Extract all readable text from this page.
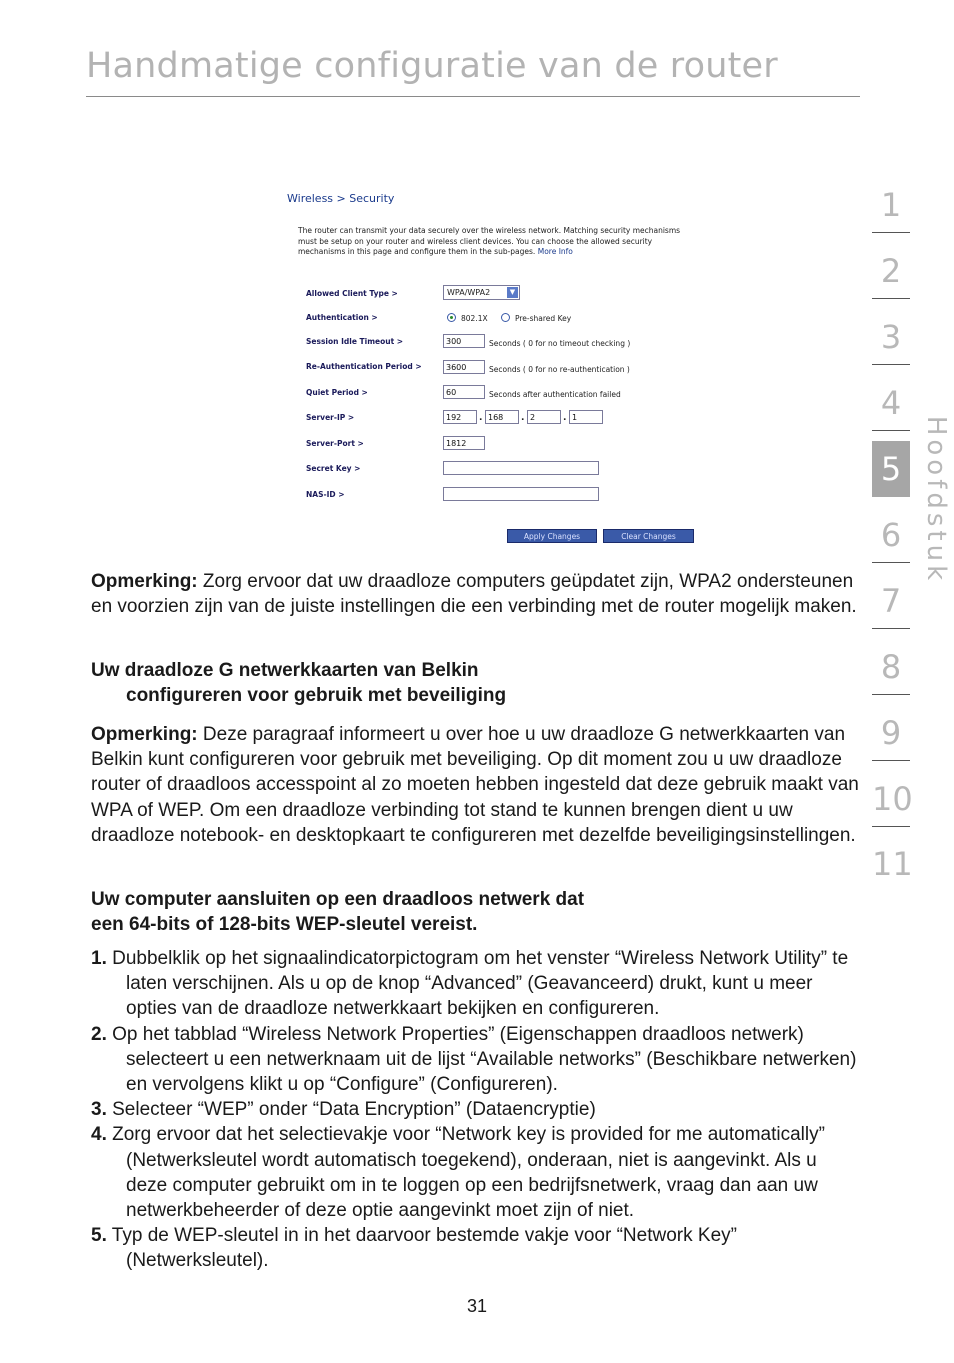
Handmatige configuratie van de router
Wireless > Security
The router can transmit your data securely over the wireless network. Matching security mechanisms must be setup on your router and wireless client devices. You can choose the allowed security mechanisms in this page and configure them in the sub-pages. More Info
Allowed Client Type >	WPA/WPA2	▼
Authentication >	802.1X	Pre-shared Key
Session Idle Timeout >	300	Seconds ( 0 for no timeout checking )
Re-Authentication Period >	3600	Seconds ( 0 for no re-authentication )
Quiet Period >	60	Seconds after authentication failed
Server-IP >	192	. 168	. 2	. 1
Server-Port >	1812
Secret Key >
NAS-ID >
Apply Changes	Clear Changes
1
2
3
4
5
6
7
8
9
10
11
Hoofdstuk
Opmerking: Zorg ervoor dat uw draadloze computers geüpdatet zijn, WPA2 ondersteunen en voorzien zijn van de juiste instellingen die een verbinding met de router mogelijk maken.
Uw draadloze G netwerkkaarten van Belkin
configureren voor gebruik met beveiliging
Opmerking: Deze paragraaf informeert u over hoe u uw draadloze G netwerkkaarten van Belkin kunt configureren voor gebruik met beveiliging. Op dit moment zou u uw draadloze router of draadloos accesspoint al zo moeten hebben ingesteld dat deze gebruik maakt van WPA of WEP. Om een draadloze verbinding tot stand te kunnen brengen dient u uw draadloze notebook- en desktopkaart te configureren met dezelfde beveiligingsinstellingen.
Uw computer aansluiten op een draadloos netwerk dat
een 64-bits of 128-bits WEP-sleutel vereist.
1. Dubbelklik op het signaalindicatorpictogram om het venster “Wireless Network Utility” te laten verschijnen. Als u op de knop “Advanced” (Geavanceerd) drukt, kunt u meer opties van de draadloze netwerkkaart bekijken en configureren.
2. Op het tabblad “Wireless Network Properties” (Eigenschappen draadloos netwerk) selecteert u een netwerknaam uit de lijst “Available networks” (Beschikbare netwerken) en vervolgens klikt u op “Configure” (Configureren).
3. Selecteer “WEP” onder “Data Encryption” (Dataencryptie)
4. Zorg ervoor dat het selectievakje voor “Network key is provided for me automatically” (Netwerksleutel wordt automatisch toegekend), onderaan, niet is aangevinkt. Als u deze computer gebruikt om in te loggen op een bedrijfsnetwerk, vraag dan aan uw netwerkbeheerder of deze optie aangevinkt moet zijn of niet.
5. Typ de WEP-sleutel in in het daarvoor bestemde vakje voor “Network Key” (Netwerksleutel).
31
